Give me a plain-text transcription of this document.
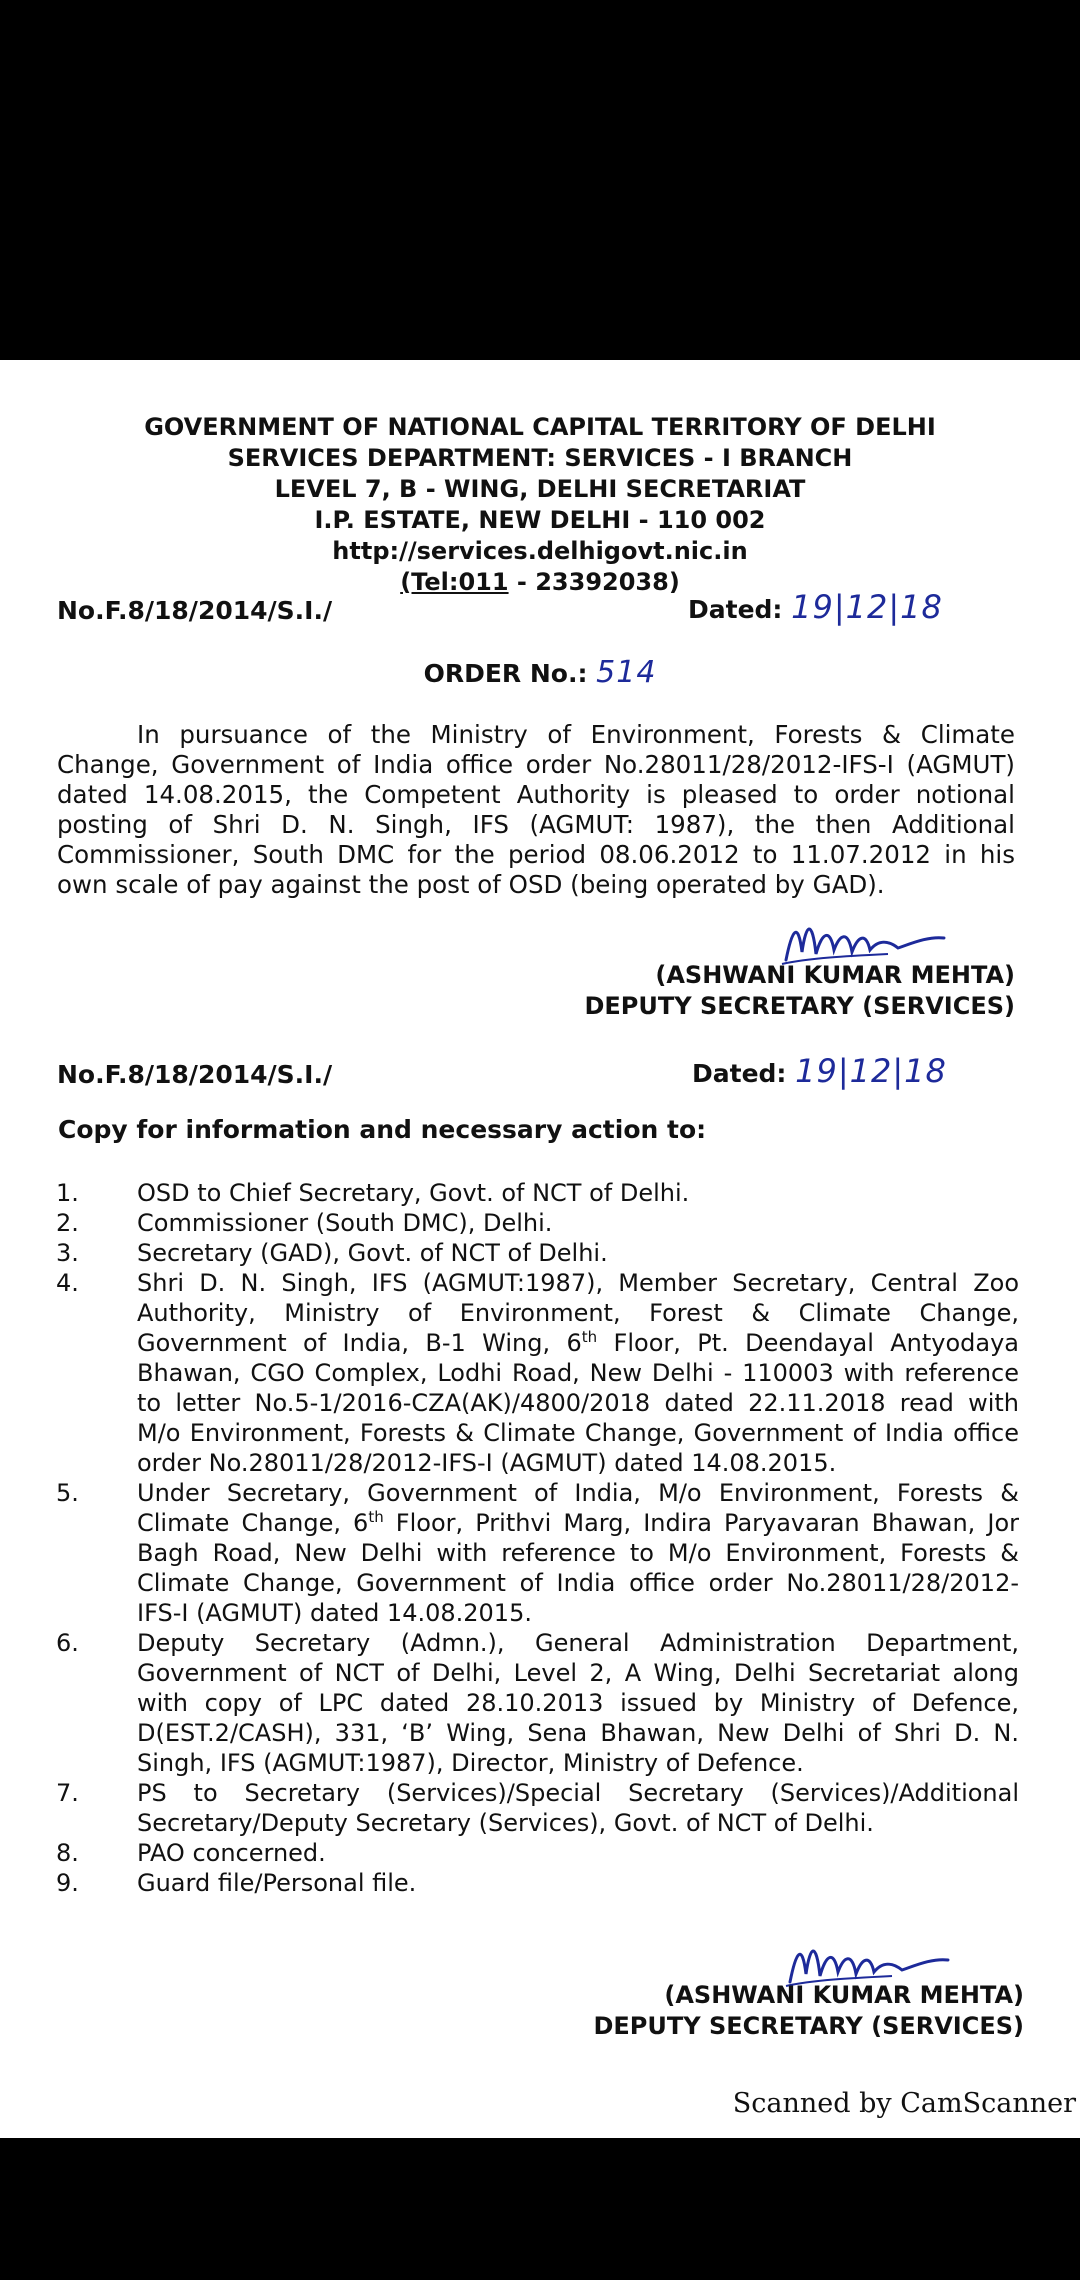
GOVERNMENT OF NATIONAL CAPITAL TERRITORY OF DELHI
SERVICES DEPARTMENT: SERVICES - I BRANCH
LEVEL 7, B - WING, DELHI SECRETARIAT
I.P. ESTATE, NEW DELHI - 110 002
http://services.delhigovt.nic.in
(Tel:011 - 23392038)
No.F.8/18/2014/S.I./	Dated: 19|12|18
ORDER No.: 514
In pursuance of the Ministry of Environment, Forests & Climate Change, Government of India office order No.28011/28/2012-IFS-I (AGMUT) dated 14.08.2015, the Competent Authority is pleased to order notional posting of Shri D. N. Singh, IFS (AGMUT: 1987), the then Additional Commissioner, South DMC for the period 08.06.2012 to 11.07.2012 in his own scale of pay against the post of OSD (being operated by GAD).
(ASHWANI KUMAR MEHTA)
DEPUTY SECRETARY (SERVICES)
No.F.8/18/2014/S.I./	Dated: 19|12|18
Copy for information and necessary action to:
1. OSD to Chief Secretary, Govt. of NCT of Delhi.
2. Commissioner (South DMC), Delhi.
3. Secretary (GAD), Govt. of NCT of Delhi.
4. Shri D. N. Singh, IFS (AGMUT:1987), Member Secretary, Central Zoo Authority, Ministry of Environment, Forest & Climate Change, Government of India, B-1 Wing, 6th Floor, Pt. Deendayal Antyodaya Bhawan, CGO Complex, Lodhi Road, New Delhi - 110003 with reference to letter No.5-1/2016-CZA(AK)/4800/2018 dated 22.11.2018 read with M/o Environment, Forests & Climate Change, Government of India office order No.28011/28/2012-IFS-I (AGMUT) dated 14.08.2015.
5. Under Secretary, Government of India, M/o Environment, Forests & Climate Change, 6th Floor, Prithvi Marg, Indira Paryavaran Bhawan, Jor Bagh Road, New Delhi with reference to M/o Environment, Forests & Climate Change, Government of India office order No.28011/28/2012-IFS-I (AGMUT) dated 14.08.2015.
6. Deputy Secretary (Admn.), General Administration Department, Government of NCT of Delhi, Level 2, A Wing, Delhi Secretariat along with copy of LPC dated 28.10.2013 issued by Ministry of Defence, D(EST.2/CASH), 331, ‘B’ Wing, Sena Bhawan, New Delhi of Shri D. N. Singh, IFS (AGMUT:1987), Director, Ministry of Defence.
7. PS to Secretary (Services)/Special Secretary (Services)/Additional Secretary/Deputy Secretary (Services), Govt. of NCT of Delhi.
8. PAO concerned.
9. Guard file/Personal file.
(ASHWANI KUMAR MEHTA)
DEPUTY SECRETARY (SERVICES)
Scanned by CamScanner
